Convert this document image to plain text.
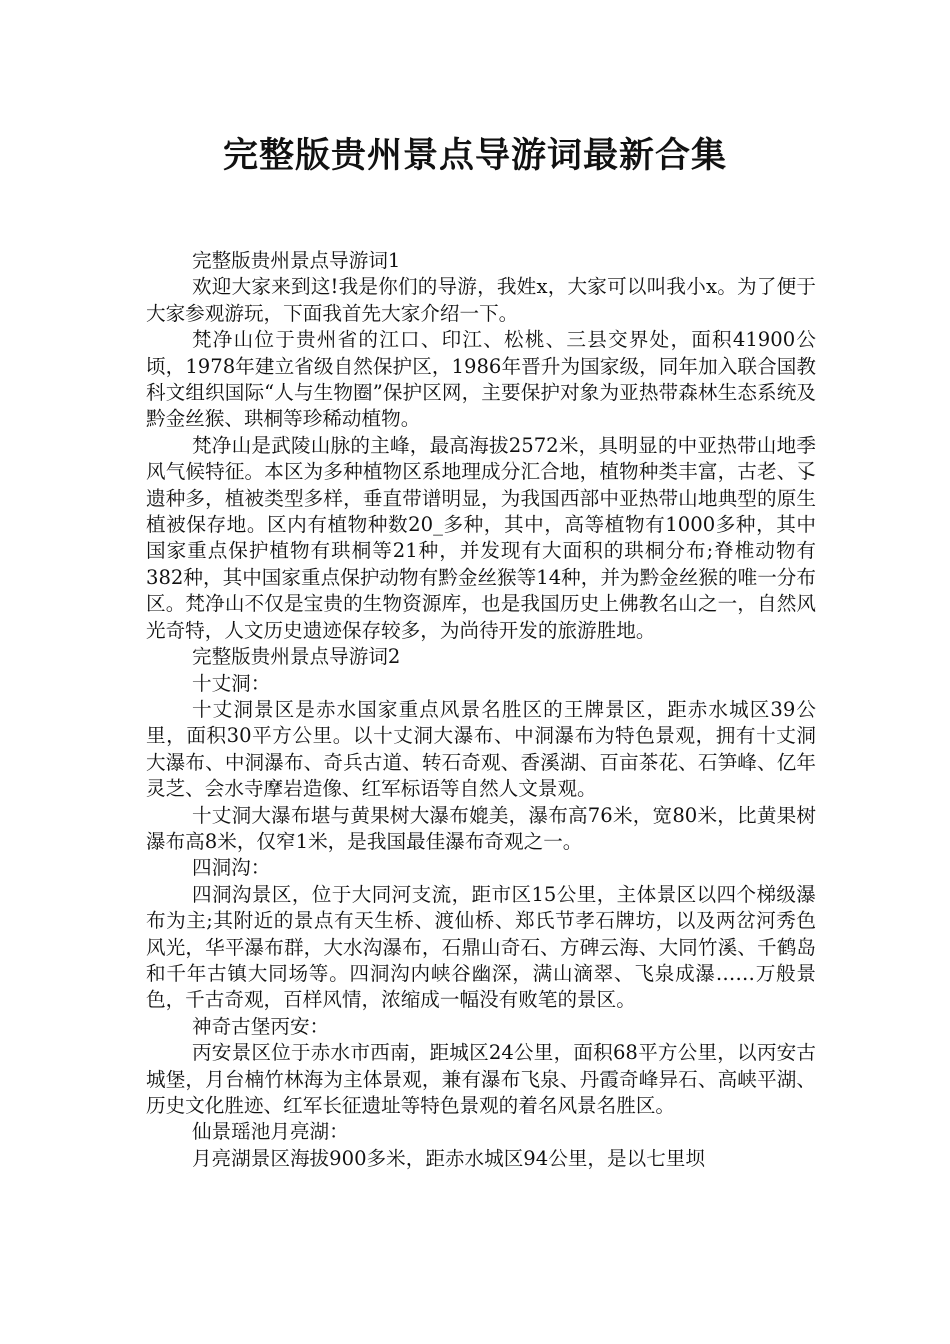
完整版贵州景点导游词最新合集

完整版贵州景点导游词1

欢迎大家来到这!我是你们的导游，我姓x，大家可以叫我小x。为了便于大家参观游玩，下面我首先大家介绍一下。

梵净山位于贵州省的江口、印江、松桃、三县交界处，面积41900公顷，1978年建立省级自然保护区，1986年晋升为国家级，同年加入联合国教科文组织国际“人与生物圈”保护区网，主要保护对象为亚热带森林生态系统及黔金丝猴、珙桐等珍稀动植物。

梵净山是武陵山脉的主峰，最高海拔2572米，具明显的中亚热带山地季风气候特征。本区为多种植物区系地理成分汇合地，植物种类丰富，古老、孓遗种多，植被类型多样，垂直带谱明显，为我国西部中亚热带山地典型的原生植被保存地。区内有植物种数20_多种，其中，高等植物有1000多种，其中国家重点保护植物有珙桐等21种，并发现有大面积的珙桐分布;脊椎动物有382种，其中国家重点保护动物有黔金丝猴等14种，并为黔金丝猴的唯一分布区。梵净山不仅是宝贵的生物资源库，也是我国历史上佛教名山之一，自然风光奇特，人文历史遗迹保存较多，为尚待开发的旅游胜地。

完整版贵州景点导游词2

十丈洞：

十丈洞景区是赤水国家重点风景名胜区的王牌景区，距赤水城区39公里，面积30平方公里。以十丈洞大瀑布、中洞瀑布为特色景观，拥有十丈洞大瀑布、中洞瀑布、奇兵古道、转石奇观、香溪湖、百亩茶花、石笋峰、亿年灵芝、会水寺摩岩造像、红军标语等自然人文景观。

十丈洞大瀑布堪与黄果树大瀑布媲美，瀑布高76米，宽80米，比黄果树瀑布高8米，仅窄1米，是我国最佳瀑布奇观之一。

四洞沟：

四洞沟景区，位于大同河支流，距市区15公里，主体景区以四个梯级瀑布为主;其附近的景点有天生桥、渡仙桥、郑氏节孝石牌坊，以及两岔河秀色风光，华平瀑布群，大水沟瀑布，石鼎山奇石、方碑云海、大同竹溪、千鹤岛和千年古镇大同场等。四洞沟内峡谷幽深，满山滴翠、飞泉成瀑……万般景色，千古奇观，百样风情，浓缩成一幅没有败笔的景区。

神奇古堡丙安：

丙安景区位于赤水市西南，距城区24公里，面积68平方公里，以丙安古城堡，月台楠竹林海为主体景观，兼有瀑布飞泉、丹霞奇峰异石、高峡平湖、历史文化胜迹、红军长征遗址等特色景观的着名风景名胜区。

仙景瑶池月亮湖：

月亮湖景区海拔900多米，距赤水城区94公里，是以七里坝
